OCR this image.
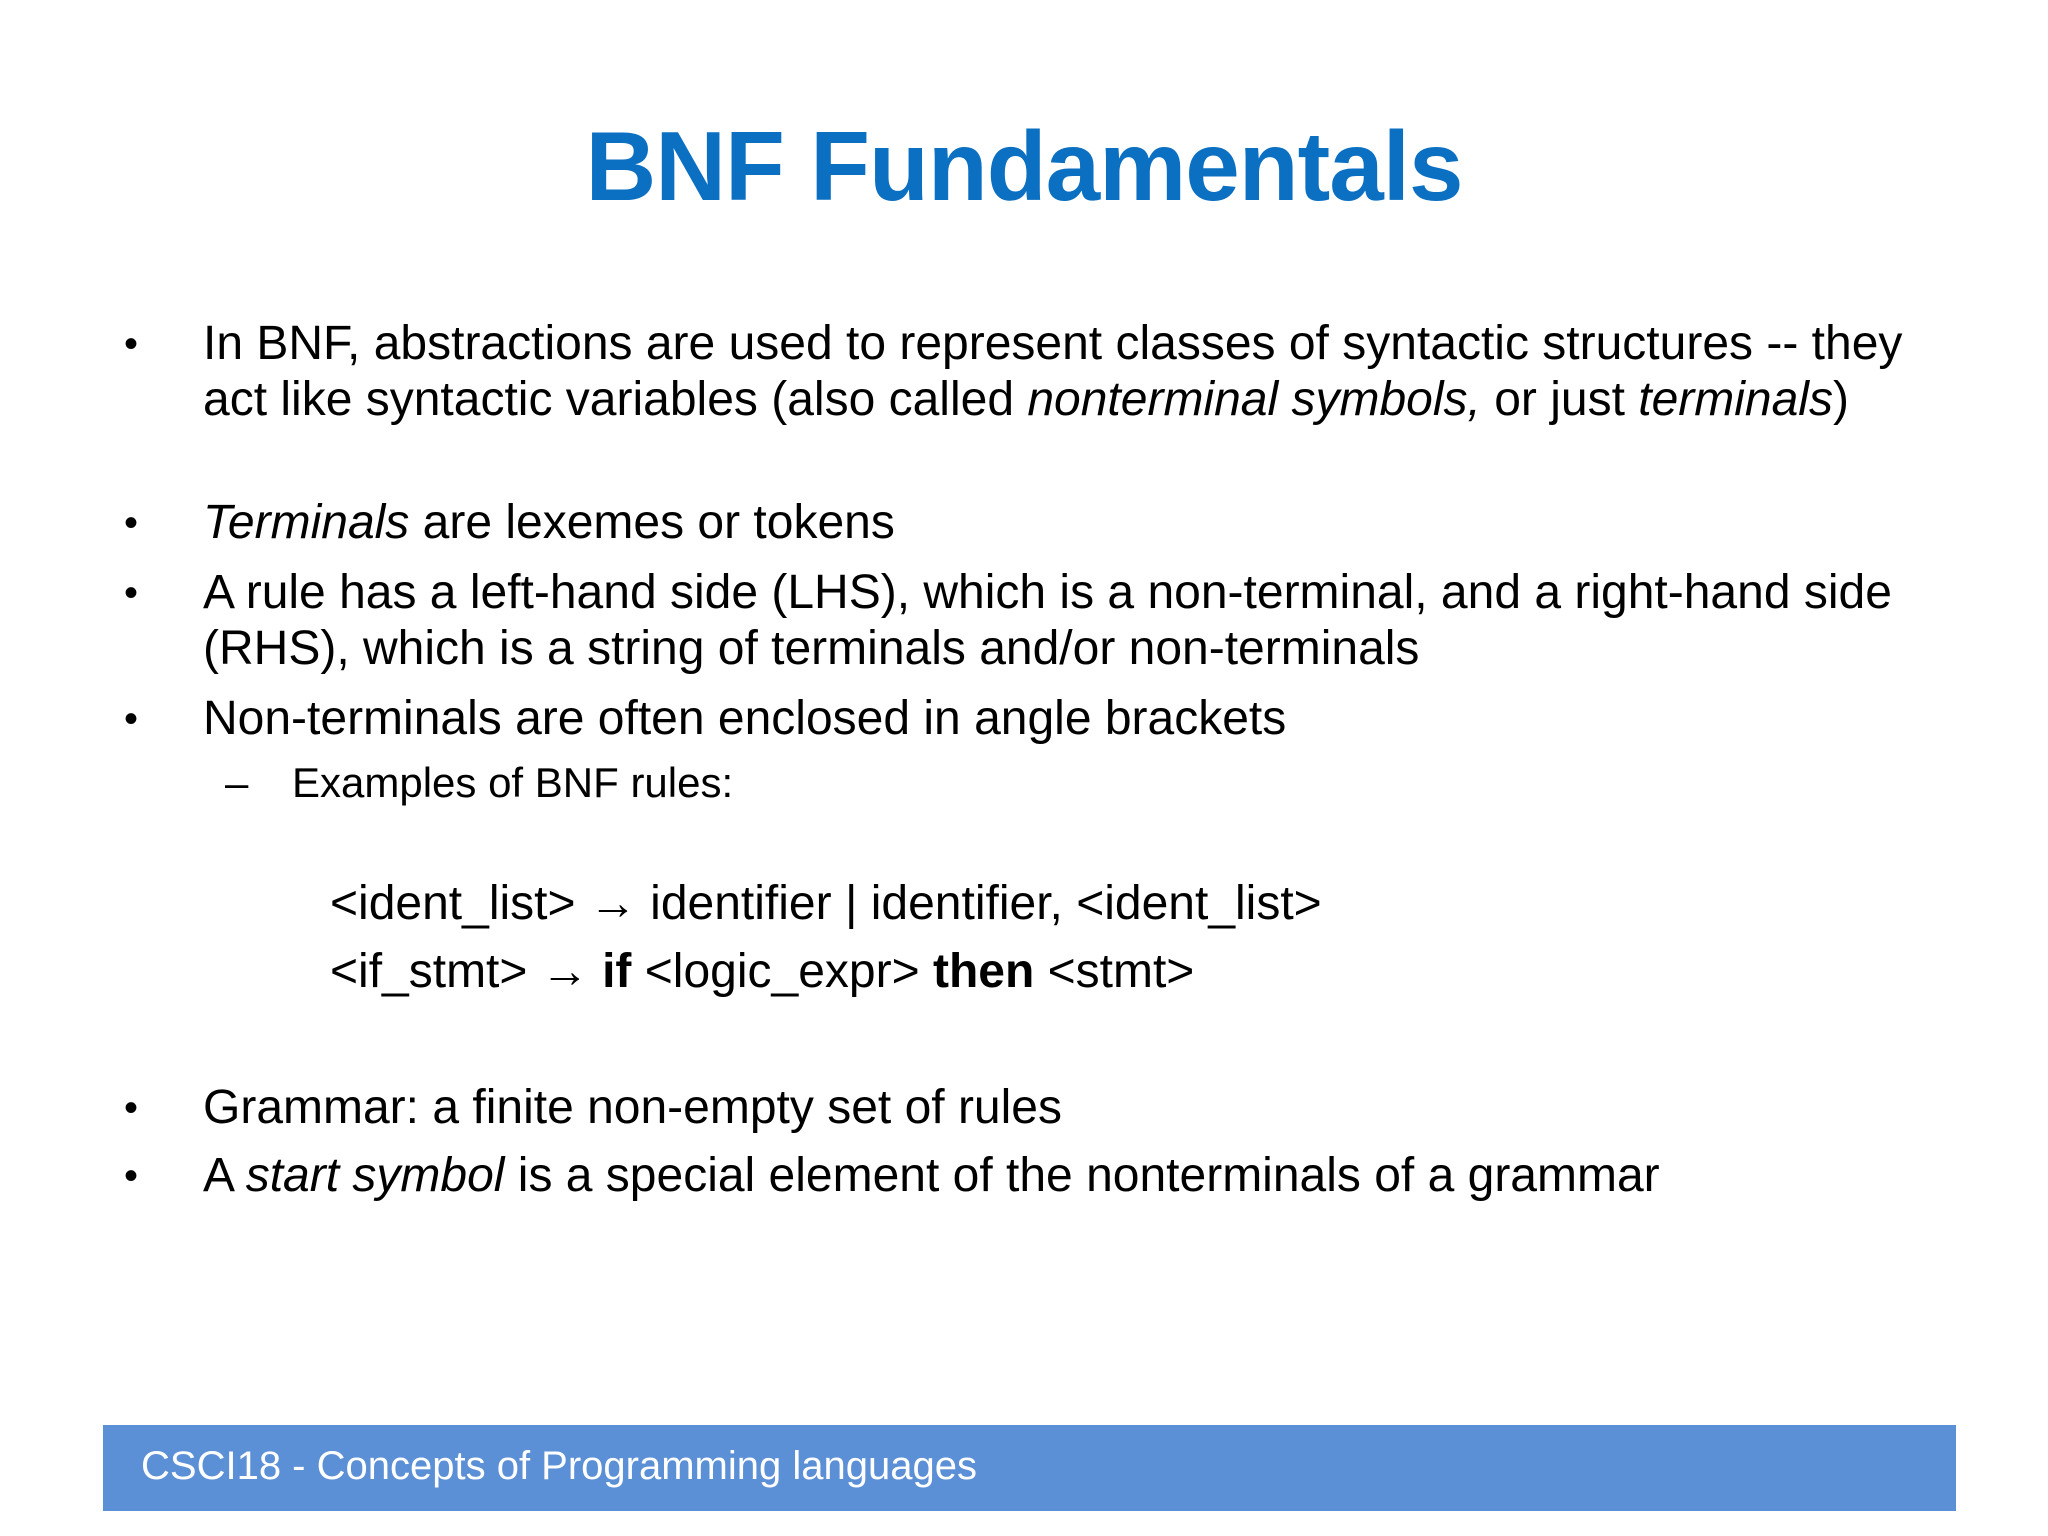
BNF Fundamentals
• In BNF, abstractions are used to represent classes of syntactic structures -- they act like syntactic variables (also called nonterminal symbols, or just terminals)
• Terminals are lexemes or tokens
• A rule has a left-hand side (LHS), which is a non-terminal, and a right-hand side (RHS), which is a string of terminals and/or non-terminals
• Non-terminals are often enclosed in angle brackets
– Examples of BNF rules:
<ident_list> → identifier | identifier, <ident_list>
<if_stmt> → if <logic_expr> then <stmt>
• Grammar: a finite non-empty set of rules
• A start symbol is a special element of the nonterminals of a grammar
CSCI18 - Concepts of Programming languages
